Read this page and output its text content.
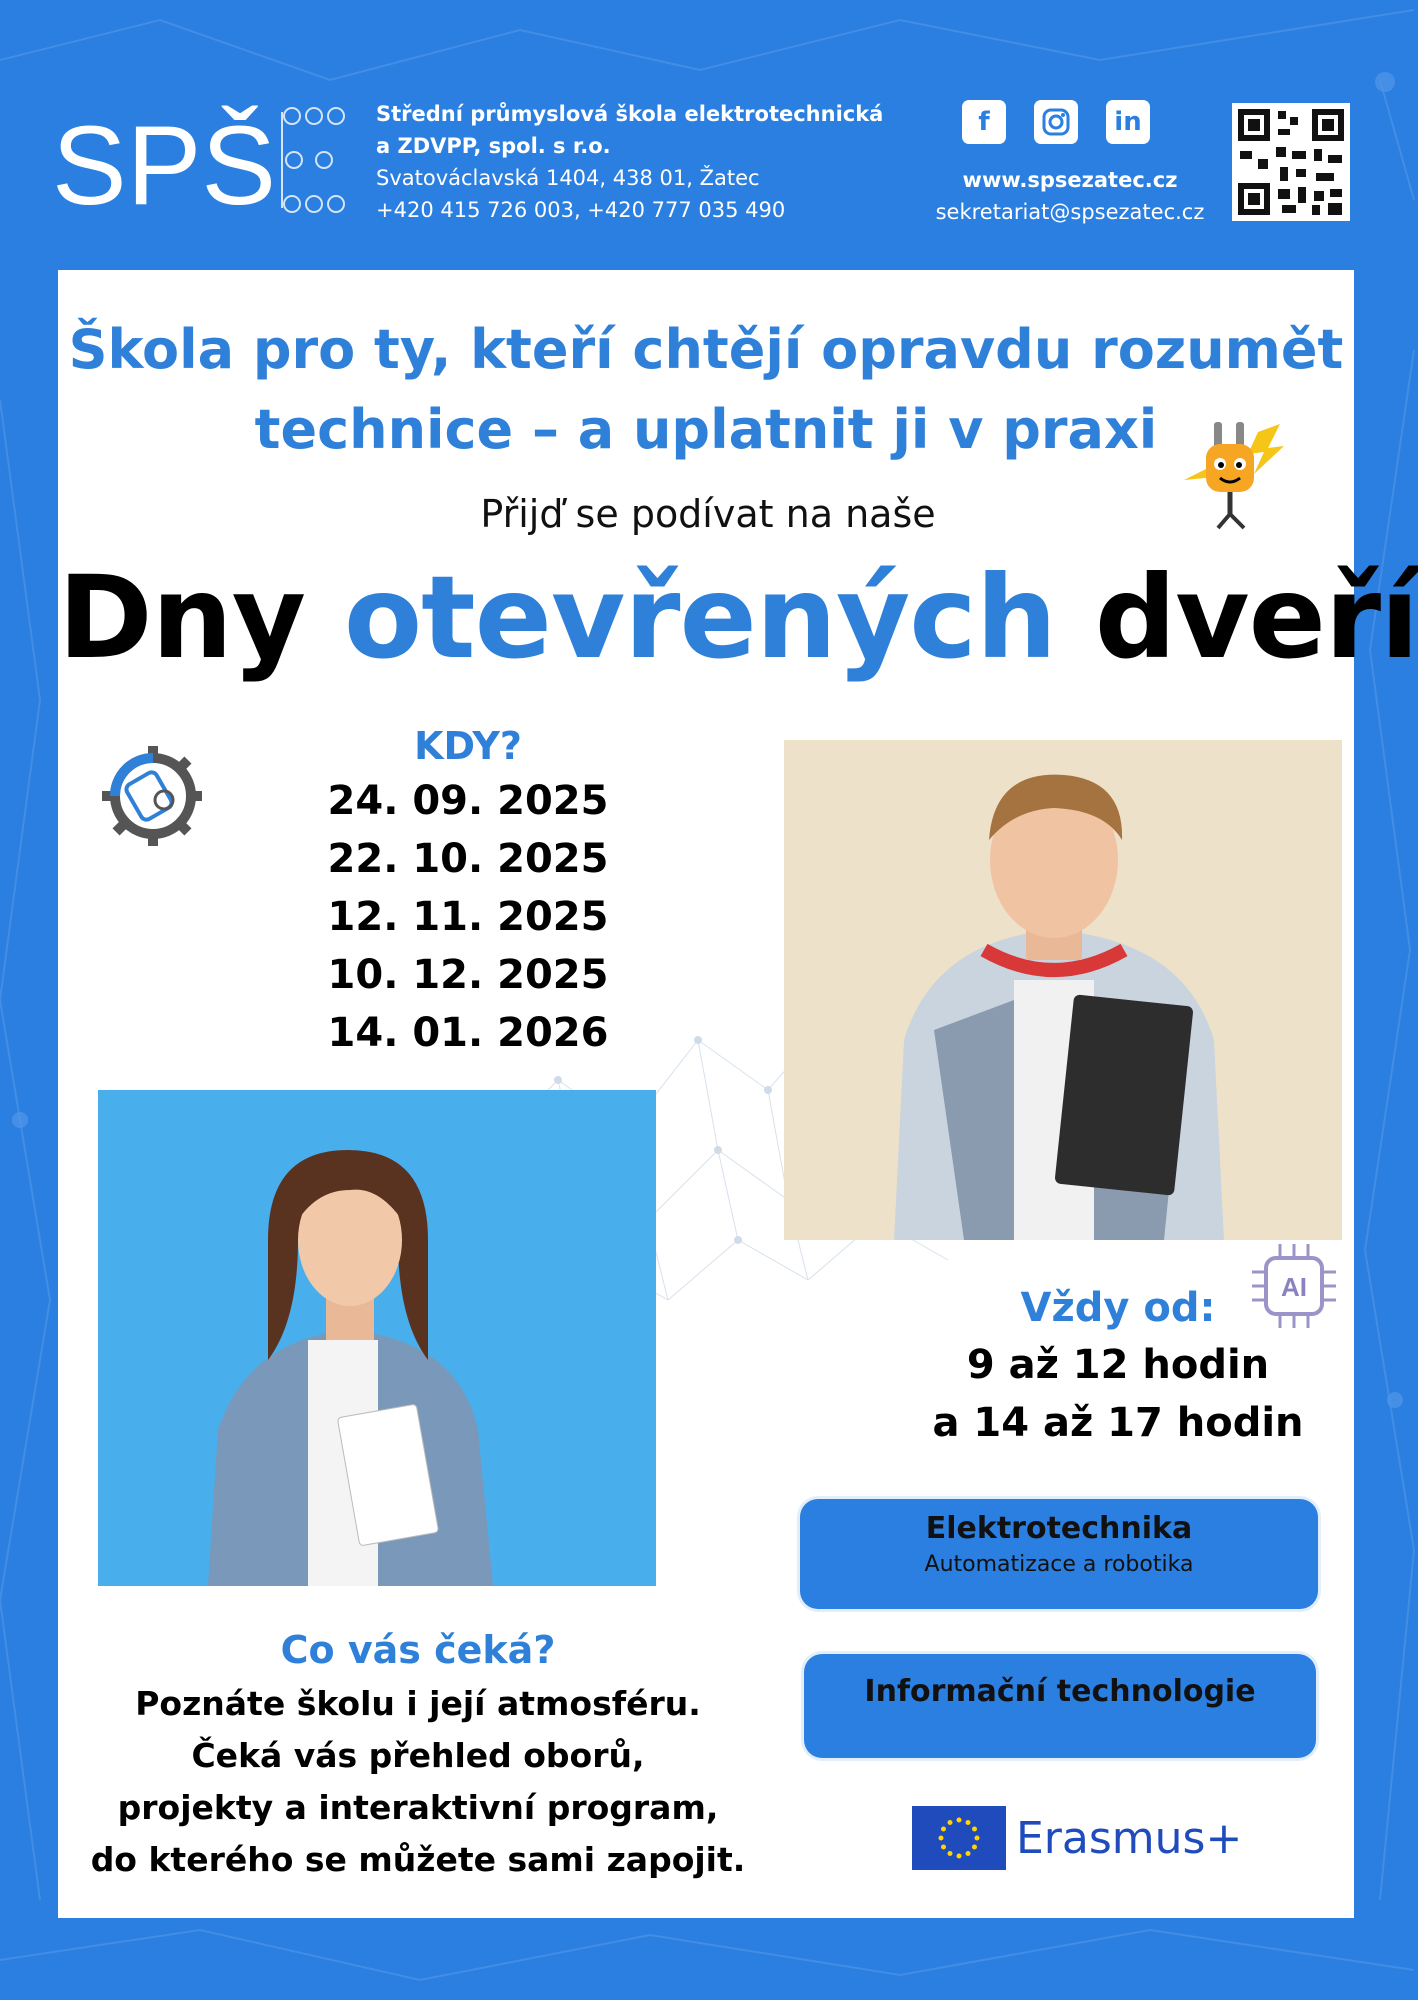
SPŠ	Střední průmyslová škola elektrotechnická
a ZDVPP, spol. s r.o.
Svatováclavská 1404, 438 01, Žatec
+420 415 726 003, +420 777 035 490
f	in
www.spsezatec.cz
sekretariat@spsezatec.cz
Škola pro ty, kteří chtějí opravdu rozumět
technice – a uplatnit ji v praxi
Přijď se podívat na naše
Dny otevřených dveří
KDY?
24. 09. 2025
22. 10. 2025
12. 11. 2025
10. 12. 2025
14. 01. 2026
AI
Vždy od:
9 až 12 hodin
a 14 až 17 hodin
Elektrotechnika
Automatizace a robotika
Informační technologie
Co vás čeká?
Poznáte školu i její atmosféru.
Čeká vás přehled oborů,
projekty a interaktivní program,
do kterého se můžete sami zapojit.	Erasmus+
